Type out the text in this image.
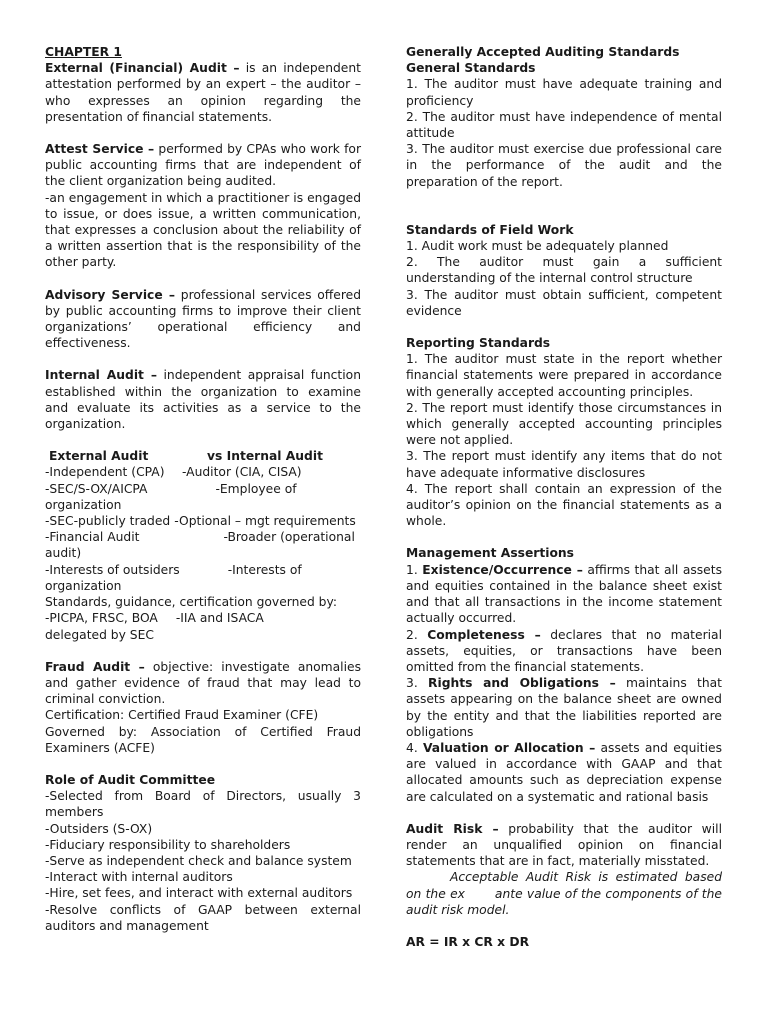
CHAPTER 1

External (Financial) Audit – is an independent attestation performed by an expert – the auditor – who expresses an opinion regarding the presentation of financial statements.

Attest Service – performed by CPAs who work for public accounting firms that are independent of the client organization being audited.

-an engagement in which a practitioner is engaged to issue, or does issue, a written communication, that expresses a conclusion about the reliability of a written assertion that is the responsibility of the other party.

Advisory Service – professional services offered by public accounting firms to improve their client organizations’ operational efficiency and effectiveness.

Internal Audit – independent appraisal function established within the organization to examine and evaluate its activities as a service to the organization.

External Audit	vs Internal Audit
-Independent (CPA)	-Auditor (CIA, CISA)

-SEC/S-OX/AICPA	-Employee of organization

-SEC-publicly traded -Optional – mgt requirements

-Financial Audit	-Broader (operational audit)

-Interests of outsiders	-Interests of organization

Standards, guidance, certification governed by:

-PICPA, FRSC, BOA -IIA and ISACA

delegated by SEC

Fraud Audit – objective: investigate anomalies and gather evidence of fraud that may lead to criminal conviction.

Certification: Certified Fraud Examiner (CFE)

Governed by: Association of Certified Fraud Examiners (ACFE)

Role of Audit Committee

-Selected from Board of Directors, usually 3 members

-Outsiders (S-OX)

-Fiduciary responsibility to shareholders

-Serve as independent check and balance system

-Interact with internal auditors

-Hire, set fees, and interact with external auditors

-Resolve conflicts of GAAP between external auditors and management

Generally Accepted Auditing Standards

General Standards

1. The auditor must have adequate training and proficiency

2. The auditor must have independence of mental attitude

3. The auditor must exercise due professional care in the performance of the audit and the preparation of the report.

Standards of Field Work

1. Audit work must be adequately planned

2. The auditor must gain a sufficient understanding of the internal control structure

3. The auditor must obtain sufficient, competent evidence

Reporting Standards

1. The auditor must state in the report whether financial statements were prepared in accordance with generally accepted accounting principles.

2. The report must identify those circumstances in which generally accepted accounting principles were not applied.

3. The report must identify any items that do not have adequate informative disclosures

4. The report shall contain an expression of the auditor’s opinion on the financial statements as a whole.

Management Assertions

1. Existence/Occurrence – affirms that all assets and equities contained in the balance sheet exist and that all transactions in the income statement actually occurred.

2. Completeness – declares that no material assets, equities, or transactions have been omitted from the financial statements.

3. Rights and Obligations – maintains that assets appearing on the balance sheet are owned by the entity and that the liabilities reported are obligations

4. Valuation or Allocation – assets and equities are valued in accordance with GAAP and that allocated amounts such as depreciation expense are calculated on a systematic and rational basis

Audit Risk – probability that the auditor will render an unqualified opinion on financial statements that are in fact, materially misstated.

Acceptable Audit Risk is estimated based on the ex       ante value of the components of the audit risk model.

AR = IR x CR x DR
